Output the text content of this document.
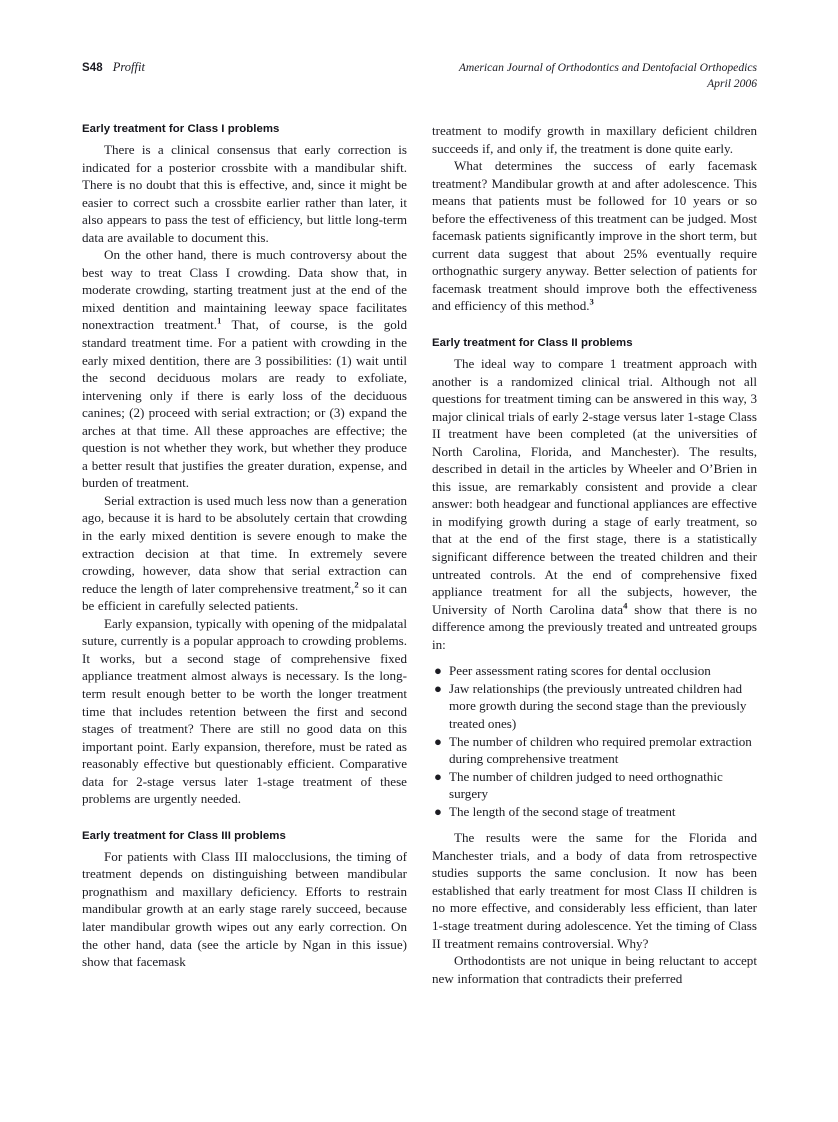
S48 Proffit	American Journal of Orthodontics and Dentofacial Orthopedics
April 2006
Early treatment for Class I problems

There is a clinical consensus that early correction is indicated for a posterior crossbite with a mandibular shift. There is no doubt that this is effective, and, since it might be easier to correct such a crossbite earlier rather than later, it also appears to pass the test of efficiency, but little long-term data are available to document this.

On the other hand, there is much controversy about the best way to treat Class I crowding. Data show that, in moderate crowding, starting treatment just at the end of the mixed dentition and maintaining leeway space facilitates nonextraction treatment.$^1$ That, of course, is the gold standard treatment time. For a patient with crowding in the early mixed dentition, there are 3 possibilities: (1) wait until the second deciduous molars are ready to exfoliate, intervening only if there is early loss of the deciduous canines; (2) proceed with serial extraction; or (3) expand the arches at that time. All these approaches are effective; the question is not whether they work, but whether they produce a better result that justifies the greater duration, expense, and burden of treatment.

Serial extraction is used much less now than a generation ago, because it is hard to be absolutely certain that crowding in the early mixed dentition is severe enough to make the extraction decision at that time. In extremely severe crowding, however, data show that serial extraction can reduce the length of later comprehensive treatment,$^2$ so it can be efficient in carefully selected patients.

Early expansion, typically with opening of the midpalatal suture, currently is a popular approach to crowding problems. It works, but a second stage of comprehensive fixed appliance treatment almost always is necessary. Is the long-term result enough better to be worth the longer treatment time that includes retention between the first and second stages of treatment? There are still no good data on this important point. Early expansion, therefore, must be rated as reasonably effective but questionably efficient. Comparative data for 2-stage versus later 1-stage treatment of these problems are urgently needed.

Early treatment for Class III problems

For patients with Class III malocclusions, the timing of treatment depends on distinguishing between mandibular prognathism and maxillary deficiency. Efforts to restrain mandibular growth at an early stage rarely succeed, because later mandibular growth wipes out any early correction. On the other hand, data (see the article by Ngan in this issue) show that facemask

treatment to modify growth in maxillary deficient children succeeds if, and only if, the treatment is done quite early.

What determines the success of early facemask treatment? Mandibular growth at and after adolescence. This means that patients must be followed for 10 years or so before the effectiveness of this treatment can be judged. Most facemask patients significantly improve in the short term, but current data suggest that about 25% eventually require orthognathic surgery anyway. Better selection of patients for facemask treatment should improve both the effectiveness and efficiency of this method.$^3$

Early treatment for Class II problems

The ideal way to compare 1 treatment approach with another is a randomized clinical trial. Although not all questions for treatment timing can be answered in this way, 3 major clinical trials of early 2-stage versus later 1-stage Class II treatment have been completed (at the universities of North Carolina, Florida, and Manchester). The results, described in detail in the articles by Wheeler and O’Brien in this issue, are remarkably consistent and provide a clear answer: both headgear and functional appliances are effective in modifying growth during a stage of early treatment, so that at the end of the first stage, there is a statistically significant difference between the treated children and their untreated controls. At the end of comprehensive fixed appliance treatment for all the subjects, however, the University of North Carolina data$^4$ show that there is no difference among the previously treated and untreated groups in:

● Peer assessment rating scores for dental occlusion
● Jaw relationships (the previously untreated children had more growth during the second stage than the previously treated ones)
● The number of children who required premolar extraction during comprehensive treatment
● The number of children judged to need orthognathic surgery
● The length of the second stage of treatment

The results were the same for the Florida and Manchester trials, and a body of data from retrospective studies supports the same conclusion. It now has been established that early treatment for most Class II children is no more effective, and considerably less efficient, than later 1-stage treatment during adolescence. Yet the timing of Class II treatment remains controversial. Why?

Orthodontists are not unique in being reluctant to accept new information that contradicts their preferred
